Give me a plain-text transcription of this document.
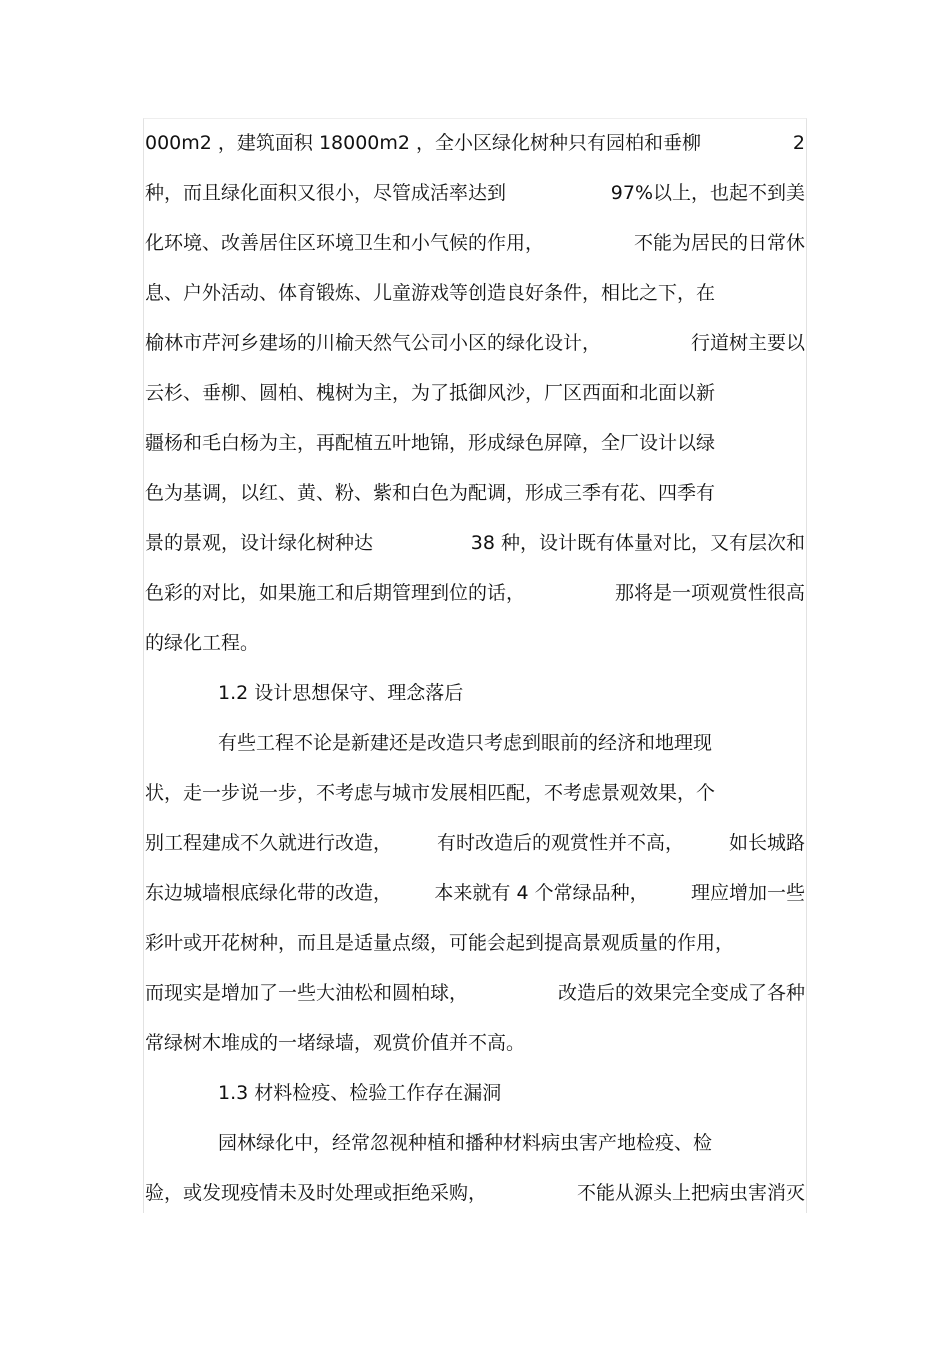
000m2 ，建筑面积 18000m2 ，全小区绿化树种只有园柏和垂柳	2
种，而且绿化面积又很小，尽管成活率达到	97%以上，也起不到美
化环境、改善居住区环境卫生和小气候的作用，	不能为居民的日常休
息、户外活动、体育锻炼、儿童游戏等创造良好条件，相比之下，在
榆林市芹河乡建场的川榆天然气公司小区的绿化设计，	行道树主要以
云杉、垂柳、圆柏、槐树为主，为了抵御风沙，厂区西面和北面以新
疆杨和毛白杨为主，再配植五叶地锦，形成绿色屏障，全厂设计以绿
色为基调，以红、黄、粉、紫和白色为配调，形成三季有花、四季有
景的景观，设计绿化树种达	38 种，设计既有体量对比，又有层次和
色彩的对比，如果施工和后期管理到位的话，	那将是一项观赏性很高
的绿化工程。
1.2 设计思想保守、理念落后
有些工程不论是新建还是改造只考虑到眼前的经济和地理现
状，走一步说一步，不考虑与城市发展相匹配，不考虑景观效果，个
别工程建成不久就进行改造， 有时改造后的观赏性并不高， 如长城路
东边城墙根底绿化带的改造， 本来就有 4 个常绿品种， 理应增加一些
彩叶或开花树种，而且是适量点缀，可能会起到提高景观质量的作用，
而现实是增加了一些大油松和圆柏球，	改造后的效果完全变成了各种
常绿树木堆成的一堵绿墙，观赏价值并不高。
1.3 材料检疫、检验工作存在漏洞
园林绿化中，经常忽视种植和播种材料病虫害产地检疫、检
验，或发现疫情未及时处理或拒绝采购，	不能从源头上把病虫害消灭
